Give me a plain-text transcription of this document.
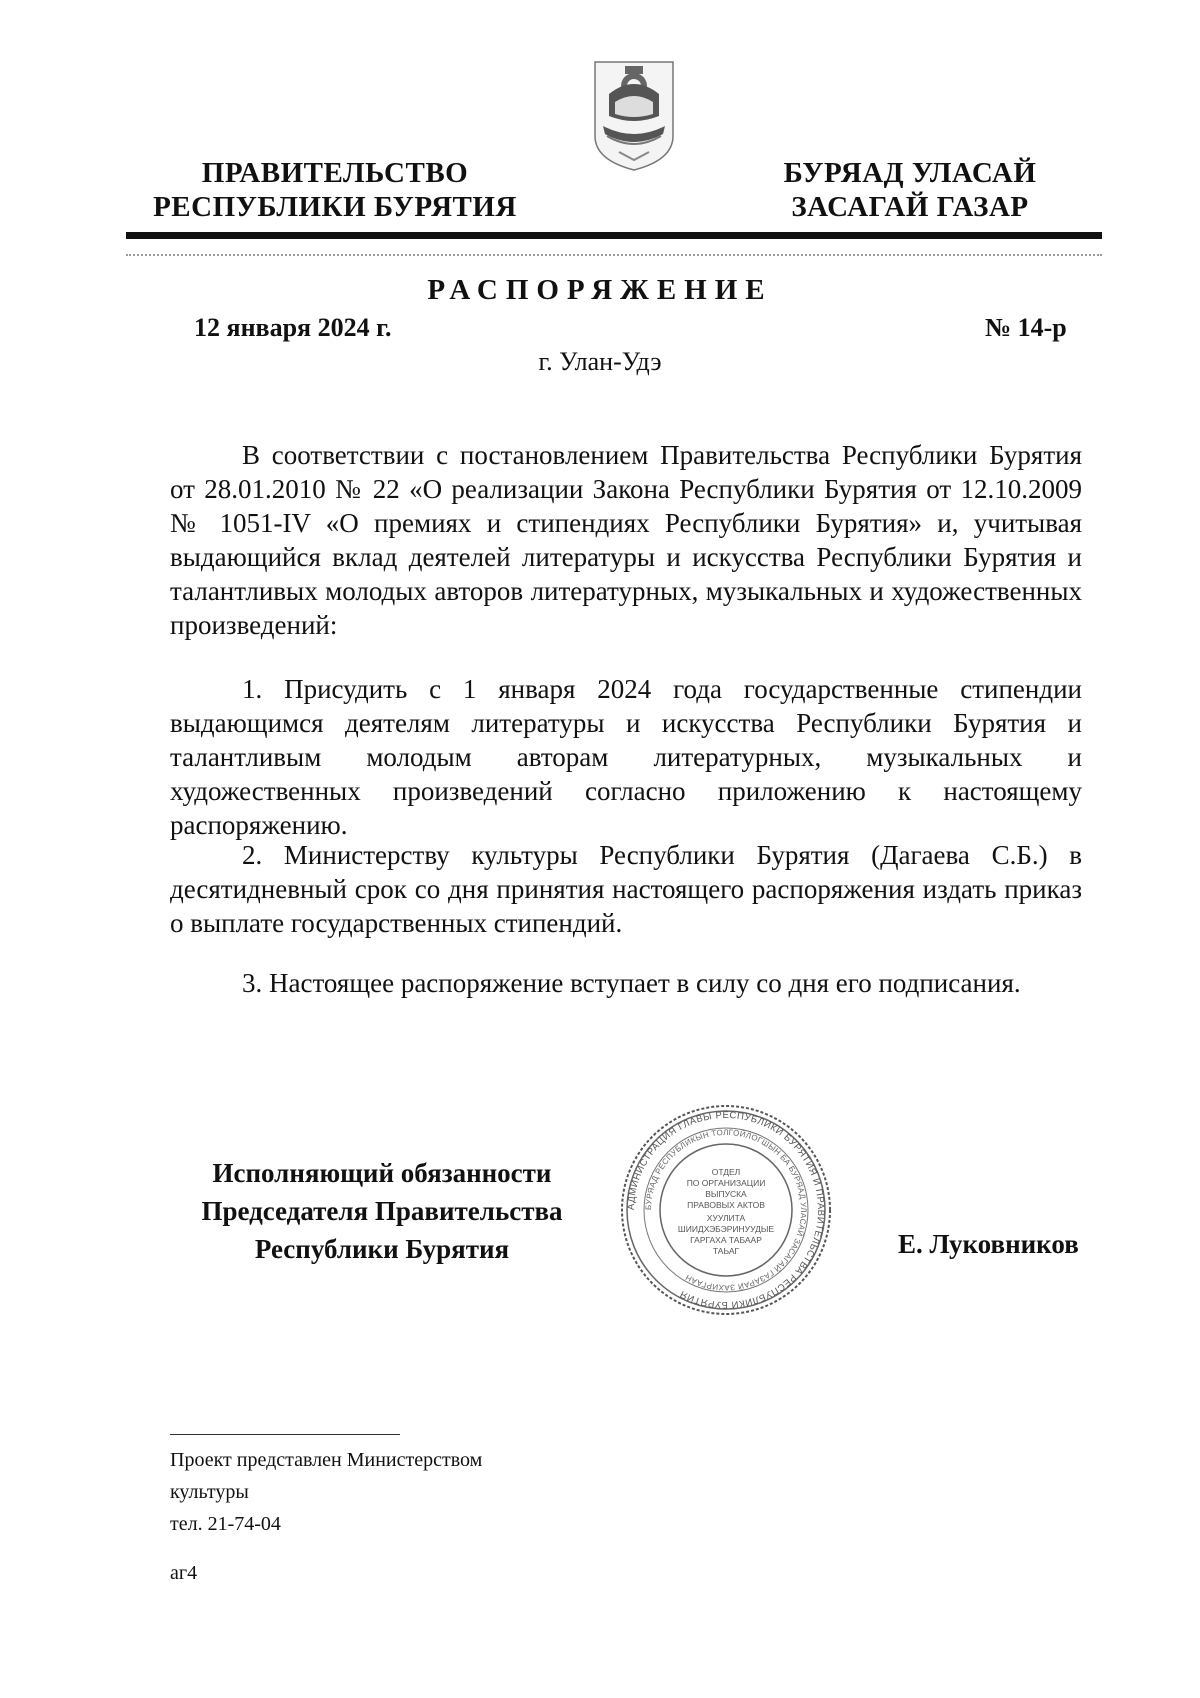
ПРАВИТЕЛЬСТВО
РЕСПУБЛИКИ БУРЯТИЯ
БУРЯАД УЛАСАЙ
ЗАСАГАЙ ГАЗАР
РАСПОРЯЖЕНИЕ
12 января 2024 г.	№ 14-р
г. Улан-Удэ

В соответствии с постановлением Правительства Республики Бурятия от 28.01.2010 № 22 «О реализации Закона Республики Бурятия от 12.10.2009 № 1051-IV «О премиях и стипендиях Республики Бурятия» и, учитывая выдающийся вклад деятелей литературы и искусства Республики Бурятия и талантливых молодых авторов литературных, музыкальных и художественных произведений:

1. Присудить с 1 января 2024 года государственные стипендии выдающимся деятелям литературы и искусства Республики Бурятия и талантливым молодым авторам литературных, музыкальных и художественных произведений согласно приложению к настоящему распоряжению.

2. Министерству культуры Республики Бурятия (Дагаева С.Б.) в десятидневный срок со дня принятия настоящего распоряжения издать приказ о выплате государственных стипендий.

3. Настоящее распоряжение вступает в силу со дня его подписания.

Исполняющий обязанности
Председателя Правительства
Республики Бурятия
АДМИНИСТРАЦИЯ ГЛАВЫ РЕСПУБЛИКИ БУРЯТИЯ И ПРАВИТЕЛЬСТВА РЕСПУБЛИКИ БУРЯТИЯ
БУРЯАД РЕСПУБЛИКЫН ТОЛГОЙЛОГШЫН БА БУРЯАД УЛАСАЙ ЗАСАГАЙ ГАЗАРАЙ ЗАХИРГААН
ОТДЕЛ
ПО ОРГАНИЗАЦИИ
ВЫПУСКА
ПРАВОВЫХ АКТОВ
ХУУЛИТА
ШИИДХЭБЭРИНУУДЫЕ
ГАРГАХА ТАБААР
ТАЬАГ	Е. Луковников
Проект представлен Министерством
культуры
тел. 21-74-04
аг4
